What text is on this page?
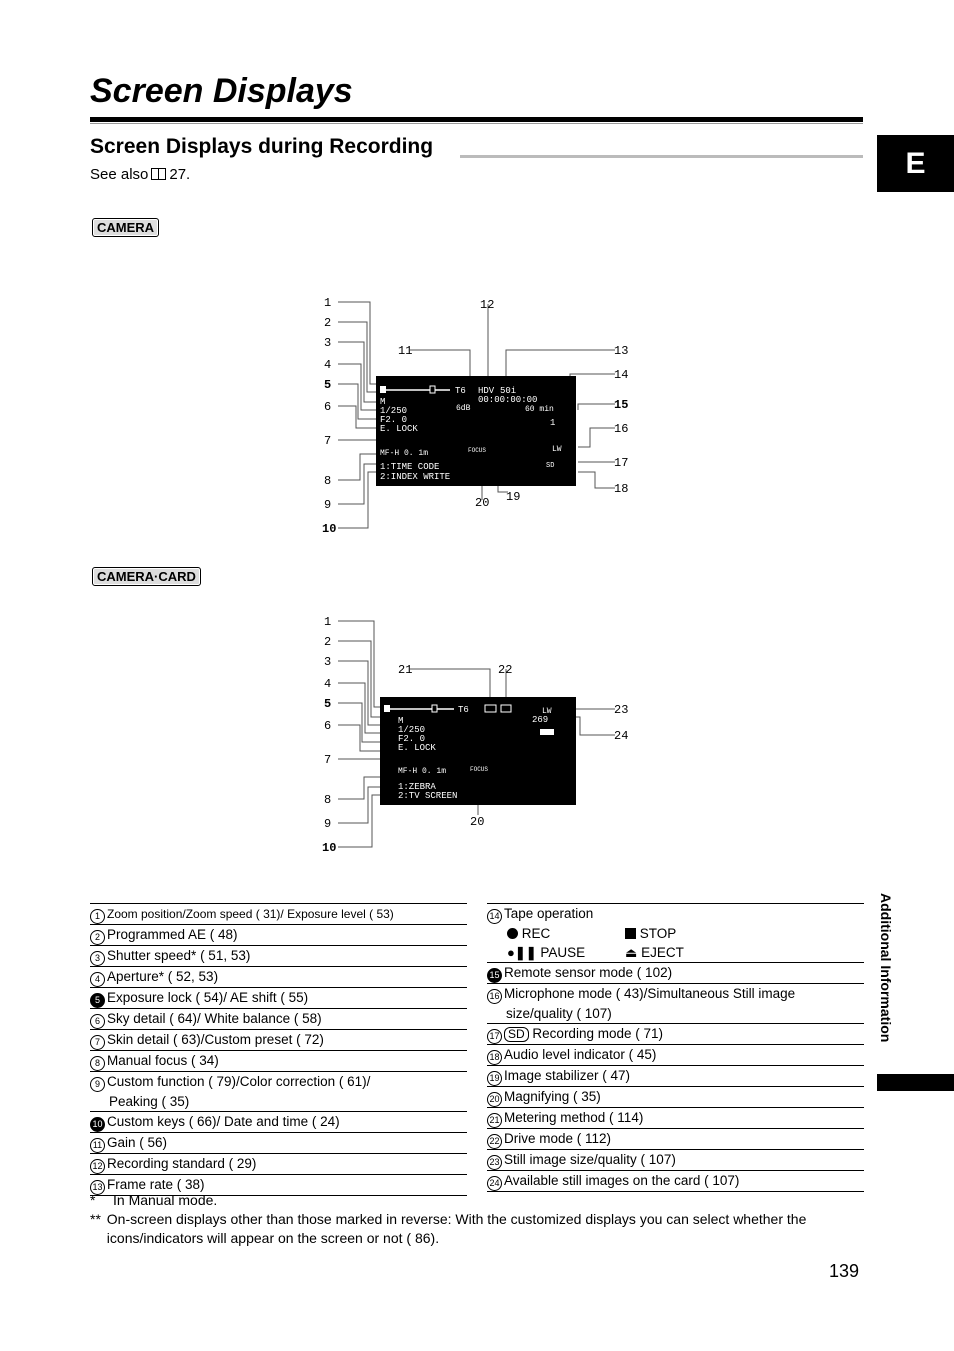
Screen Displays
Screen Displays during Recording
See also 27.	E
Additional Information
CAMERA
CAMERA·CARD
T6
M
1/250
F2. 0
E. LOCK
MF-H 0. 1m
1:TIME CODE
2:INDEX WRITE
6dB
HDV 50i
00:00:00:00
60 min
1
LW
SD
FOCUS
1
2
3
4
5
6
7
8
9
10
11
12
13
14
15
16
17
18
19
20
T6	LW
269
M
1/250
F2. 0
E. LOCK
MF-H 0. 1m
1:ZEBRA
2:TV SCREEN
FOCUS
1
2
3
4
5
6
7
8
9
10
21	22
23
24
20
1 Zoom position/Zoom speed ( 31)/ Exposure level ( 53)
2 Programmed AE ( 48)
3 Shutter speed* ( 51, 53)
4 Aperture* ( 52, 53)
5 Exposure lock ( 54)/ AE shift ( 55)
6 Sky detail ( 64)/ White balance ( 58)
7 Skin detail ( 63)/Custom preset ( 72)
8 Manual focus ( 34)
9 Custom function ( 79)/Color correction ( 61)/
Peaking ( 35)
10 Custom keys ( 66)/ Date and time ( 24)
11 Gain ( 56)
12 Recording standard ( 29)
13 Frame rate ( 38)
14 Tape operation
REC	STOP
●❚❚ PAUSE	⏏ EJECT
15 Remote sensor mode ( 102)
16 Microphone mode ( 43)/Simultaneous Still image
size/quality ( 107)
17 SD Recording mode ( 71)
18 Audio level indicator ( 45)
19 Image stabilizer ( 47)
20 Magnifying ( 35)
21 Metering method ( 114)
22 Drive mode ( 112)
23 Still image size/quality ( 107)
24 Available still images on the card ( 107)
*	In Manual mode.
** On-screen displays other than those marked in reverse: With the customized displays you can select whether the icons/indicators will appear on the screen or not ( 86).
139
